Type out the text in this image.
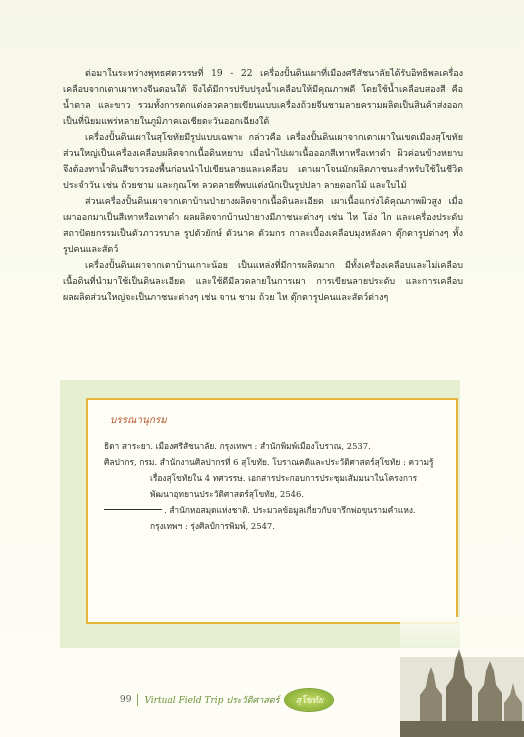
ต่อมาในระหว่างพุทธศตวรรษที่ 19 - 22 เครื่องปั้นดินเผาที่เมืองศรีสัชนาลัยได้รับอิทธิพลเครื่องเคลือบจากเตาเผาทางจีนตอนใต้ จึงได้มีการปรับปรุงน้ำเคลือบให้มีคุณภาพดี โดยใช้น้ำเคลือบสองสี คือ น้ำตาล และขาว รวมทั้งการตกแต่งลวดลายเขียนแบบเครื่องถ้วยจีนชามลายครามผลิตเป็นสินค้าส่งออก เป็นที่นิยมแพร่หลายในภูมิภาคเอเชียตะวันออกเฉียงใต้

เครื่องปั้นดินเผาในสุโขทัยมีรูปแบบเฉพาะ กล่าวคือ เครื่องปั้นดินเผาจากเตาเผาในเขตเมืองสุโขทัยส่วนใหญ่เป็นเครื่องเคลือบผลิตจากเนื้อดินหยาบ เมื่อนำไปเผาเนื้อออกสีเทาหรือเทาดำ ผิวค่อนข้างหยาบ จึงต้องทาน้ำดินสีขาวรองพื้นก่อนนำไปเขียนลายและเคลือบ เตาเผาโจนมักผลิตภาชนะสำหรับใช้ในชีวิตประจำวัน เช่น ถ้วยชาม และกุณโฑ ลวดลายที่พบแต่งนักเป็นรูปปลา ลายดอกไม้ และใบไม้

ส่วนเครื่องปั้นดินเผาจากเตาบ้านป่ายางผลิตจากเนื้อดินละเอียด เผาเนื้อแกร่งได้คุณภาพผิวสูง เมื่อเผาออกมาเป็นสีเทาหรือเทาดำ ผลผลิตจากบ้านป่ายางมีภาชนะต่างๆ เช่น ไห โอ่ง ไก และเครื่องประดับ สถาปัตยกรรมเป็นตัวภาวรบาล รูปตัวยักษ์ ตัวนาค ตัวมกร กาละเบื้องเคลือบมุงหลังคา ตุ๊กตารูปต่างๆ ทั้งรูปคนและสัตว์

เครื่องปั้นดินเผาจากเตาบ้านเกาะน้อย เป็นแหล่งที่มีการผลิตมาก มีทั้งเครื่องเคลือบและไม่เคลือบ เนื้อดินที่นำมาใช้เป็นดินละเอียด และใช้ดีมีลวดลายในการเผา การเขียนลายประดับ และการเคลือบ ผลผลิตส่วนใหญ่จะเป็นภาชนะต่างๆ เช่น จาน ชาม ถ้วย ไห ตุ๊กตารูปคนและสัตว์ต่างๆ

บรรณานุกรม

ธิดา สาระยา. เมืองศรีสัชนาลัย. กรุงเทพฯ : สำนักพิมพ์เมืองโบราณ, 2537.

ศิลปากร, กรม. สำนักงานศิลปากรที่ 6 สุโขทัย. โบราณคดีและประวัติศาสตร์สุโขทัย : ความรู้เรื่องสุโขทัยใน 4 ทศวรรษ. เอกสารประกอบการประชุมเสัมมนาในโครงการพัฒนาอุทยานประวัติศาสตร์สุโขทัย, 2546.

. สำนักหอสมุดแห่งชาติ. ประมวลข้อมูลเกี่ยวกับจารึกพ่อขุนรามคำแหง. กรุงเทพฯ : รุ่งศิลป์การพิมพ์, 2547.

99 Virtual Field Trip ประวัติศาสตร์	สุโขทัย
